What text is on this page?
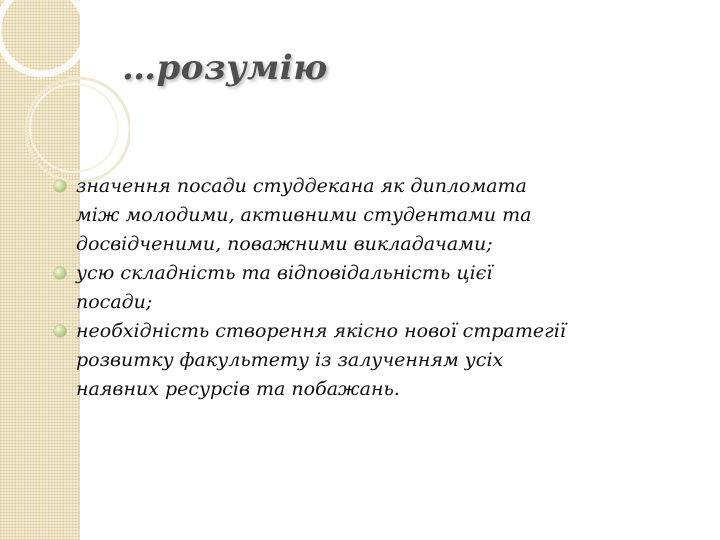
…розумію
значення посади студдекана як дипломата між молодими, активними студентами та досвідченими, поважними викладачами;
усю складність та відповідальність цієї посади;
необхідність створення якісно нової стратегії розвитку факультету із залученням усіх наявних ресурсів та побажань.
